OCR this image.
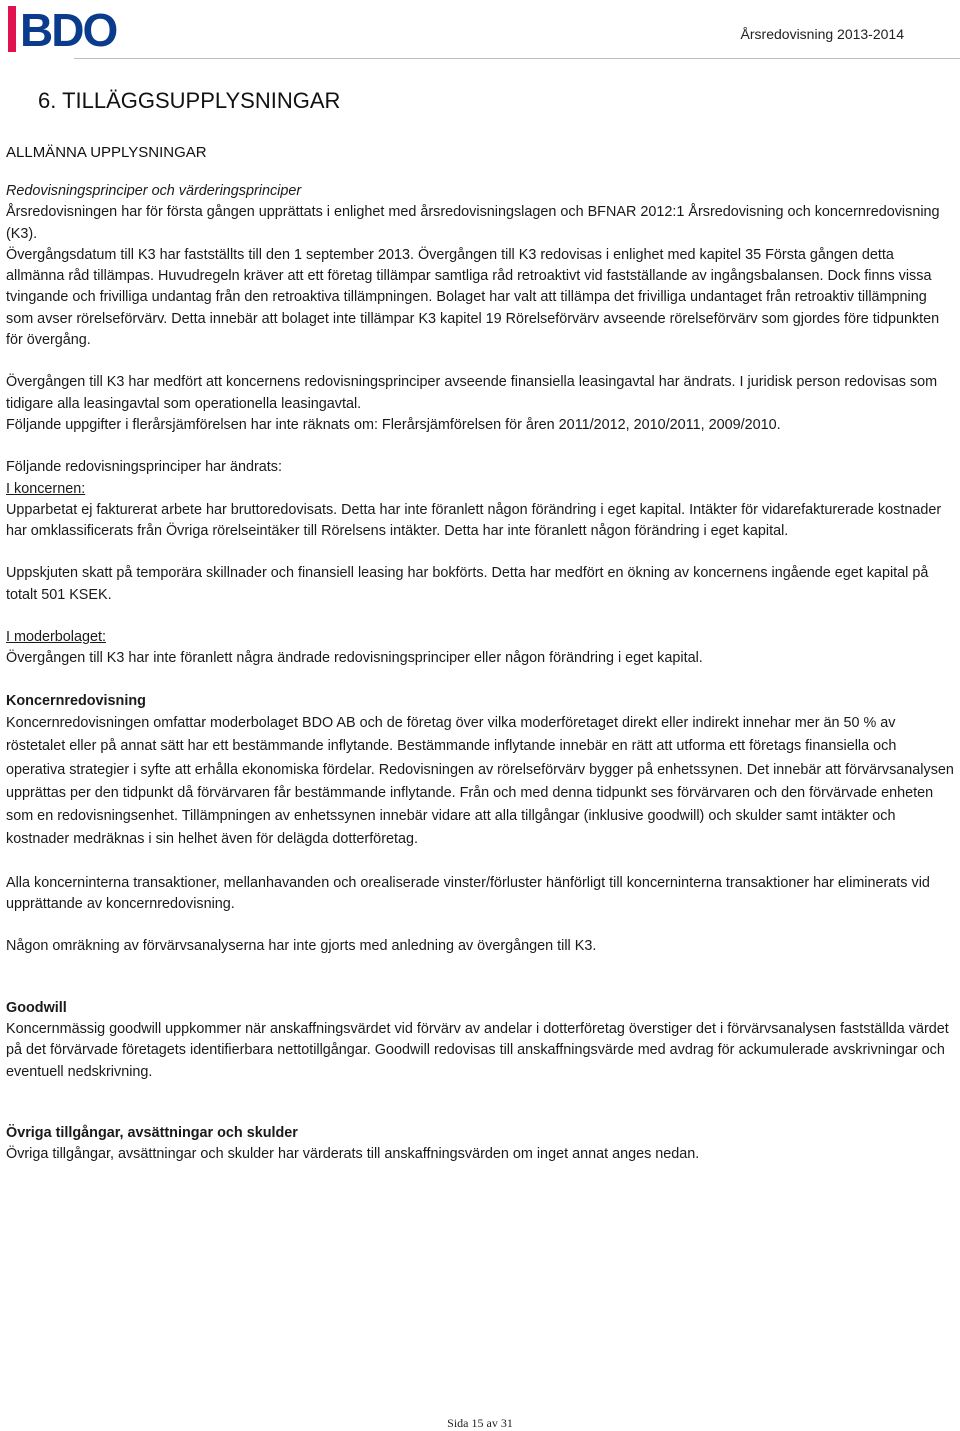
BDO	Årsredovisning 2013-2014
6. TILLÄGGSUPPLYSNINGAR
ALLMÄNNA UPPLYSNINGAR
Redovisningsprinciper och värderingsprinciper

Årsredovisningen har för första gången upprättats i enlighet med årsredovisningslagen och BFNAR 2012:1 Årsredovisning och koncernredovisning (K3).

Övergångsdatum till K3 har fastställts till den 1 september 2013. Övergången till K3 redovisas i enlighet med kapitel 35 Första gången detta allmänna råd tillämpas. Huvudregeln kräver att ett företag tillämpar samtliga råd retroaktivt vid fastställande av ingångsbalansen. Dock finns vissa tvingande och frivilliga undantag från den retroaktiva tillämpningen. Bolaget har valt att tillämpa det frivilliga undantaget från retroaktiv tillämpning som avser rörelseförvärv. Detta innebär att bolaget inte tillämpar K3 kapitel 19 Rörelseförvärv avseende rörelseförvärv som gjordes före tidpunkten för övergång.

Övergången till K3 har medfört att koncernens redovisningsprinciper avseende finansiella leasingavtal har ändrats. I juridisk person redovisas som tidigare alla leasingavtal som operationella leasingavtal.

Följande uppgifter i flerårsjämförelsen har inte räknats om: Flerårsjämförelsen för åren 2011/2012, 2010/2011, 2009/2010.

Följande redovisningsprinciper har ändrats:

I koncernen:

Upparbetat ej fakturerat arbete har bruttoredovisats. Detta har inte föranlett någon förändring i eget kapital. Intäkter för vidarefakturerade kostnader har omklassificerats från Övriga rörelseintäker till Rörelsens intäkter. Detta har inte föranlett någon förändring i eget kapital.

Uppskjuten skatt på temporära skillnader och finansiell leasing har bokförts. Detta har medfört en ökning av koncernens ingående eget kapital på totalt 501 KSEK.

I moderbolaget:

Övergången till K3 har inte föranlett några ändrade redovisningsprinciper eller någon förändring i eget kapital.

Koncernredovisning

Koncernredovisningen omfattar moderbolaget BDO AB och de företag över vilka moderföretaget direkt eller indirekt innehar mer än 50 % av röstetalet eller på annat sätt har ett bestämmande inflytande. Bestämmande inflytande innebär en rätt att utforma ett företags finansiella och operativa strategier i syfte att erhålla ekonomiska fördelar. Redovisningen av rörelseförvärv bygger på enhetssynen. Det innebär att förvärvsanalysen upprättas per den tidpunkt då förvärvaren får bestämmande inflytande. Från och med denna tidpunkt ses förvärvaren och den förvärvade enheten som en redovisningsenhet. Tillämpningen av enhetssynen innebär vidare att alla tillgångar (inklusive goodwill) och skulder samt intäkter och kostnader medräknas i sin helhet även för delägda dotterföretag.

Alla koncerninterna transaktioner, mellanhavanden och orealiserade vinster/förluster hänförligt till koncerninterna transaktioner har eliminerats vid upprättande av koncernredovisning.

Någon omräkning av förvärvsanalyserna har inte gjorts med anledning av övergången till K3.

Goodwill

Koncernmässig goodwill uppkommer när anskaffningsvärdet vid förvärv av andelar i dotterföretag överstiger det i förvärvsanalysen fastställda värdet på det förvärvade företagets identifierbara nettotillgångar. Goodwill redovisas till anskaffningsvärde med avdrag för ackumulerade avskrivningar och eventuell nedskrivning.

Övriga tillgångar, avsättningar och skulder

Övriga tillgångar, avsättningar och skulder har värderats till anskaffningsvärden om inget annat anges nedan.

Sida 15 av 31
